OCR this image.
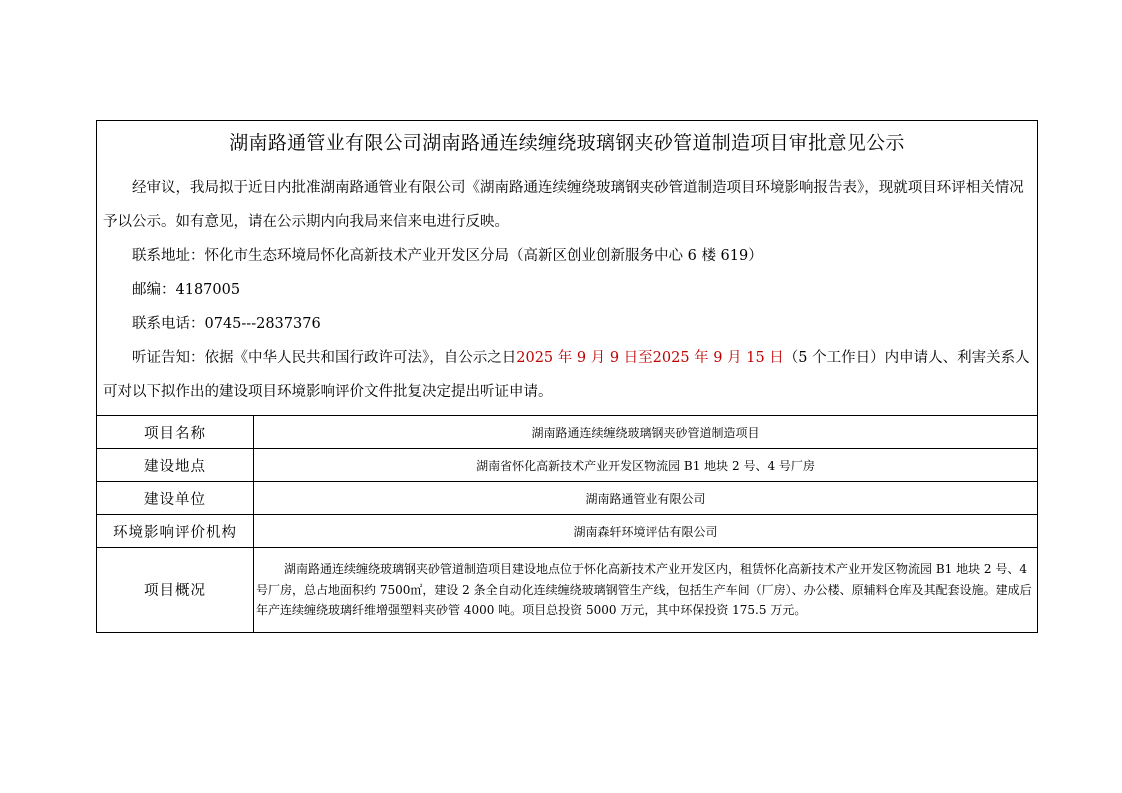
湖南路通管业有限公司湖南路通连续缠绕玻璃钢夹砂管道制造项目审批意见公示

经审议，我局拟于近日内批准湖南路通管业有限公司《湖南路通连续缠绕玻璃钢夹砂管道制造项目环境影响报告表》，现就项目环评相关情况予以公示。如有意见，请在公示期内向我局来信来电进行反映。

联系地址：怀化市生态环境局怀化高新技术产业开发区分局（高新区创业创新服务中心 6 楼 619）

邮编：4187005

联系电话：0745---2837376

听证告知：依据《中华人民共和国行政许可法》，自公示之日2025 年 9 月 9 日至2025 年 9 月 15 日（5 个工作日）内申请人、利害关系人可对以下拟作出的建设项目环境影响评价文件批复决定提出听证申请。

项目名称	湖南路通连续缠绕玻璃钢夹砂管道制造项目
建设地点	湖南省怀化高新技术产业开发区物流园 B1 地块 2 号、4 号厂房
建设单位	湖南路通管业有限公司
环境影响评价机构	湖南森轩环境评估有限公司
项目概况	湖南路通连续缠绕玻璃钢夹砂管道制造项目建设地点位于怀化高新技术产业开发区内，租赁怀化高新技术产业开发区物流园 B1 地块 2 号、4 号厂房，总占地面积约 7500㎡，建设 2 条全自动化连续缠绕玻璃钢管生产线，包括生产车间（厂房）、办公楼、原辅料仓库及其配套设施。建成后年产连续缠绕玻璃纤维增强塑料夹砂管 4000 吨。项目总投资 5000 万元，其中环保投资 175.5 万元。
